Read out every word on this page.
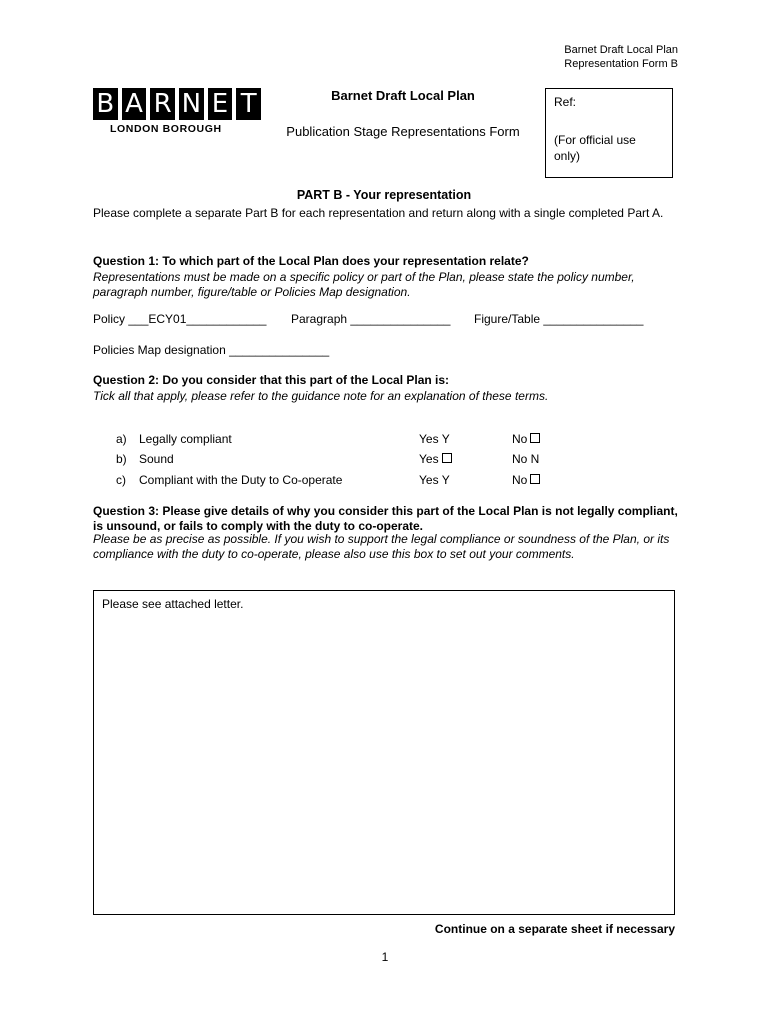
Barnet Draft Local Plan
Representation Form B
B A R N E T
LONDON BOROUGH
Barnet Draft Local Plan
Publication Stage Representations Form
Ref:
(For official use only)
PART B - Your representation
Please complete a separate Part B for each representation and return along with a single completed Part A.
Question 1: To which part of the Local Plan does your representation relate?
Representations must be made on a specific policy or part of the Plan, please state the policy number, paragraph number, figure/table or Policies Map designation.
Policy ___ECY01____________ Paragraph _______________ Figure/Table _______________
Policies Map designation _______________
Question 2: Do you consider that this part of the Local Plan is:
Tick all that apply, please refer to the guidance note for an explanation of these terms.
a) Legally compliant	Yes Y	No
b) Sound	Yes	No N
c) Compliant with the Duty to Co-operate	Yes Y	No
Question 3: Please give details of why you consider this part of the Local Plan is not legally compliant, is unsound, or fails to comply with the duty to co-operate.
Please be as precise as possible. If you wish to support the legal compliance or soundness of the Plan, or its compliance with the duty to co-operate, please also use this box to set out your comments.
Please see attached letter.
Continue on a separate sheet if necessary
1
